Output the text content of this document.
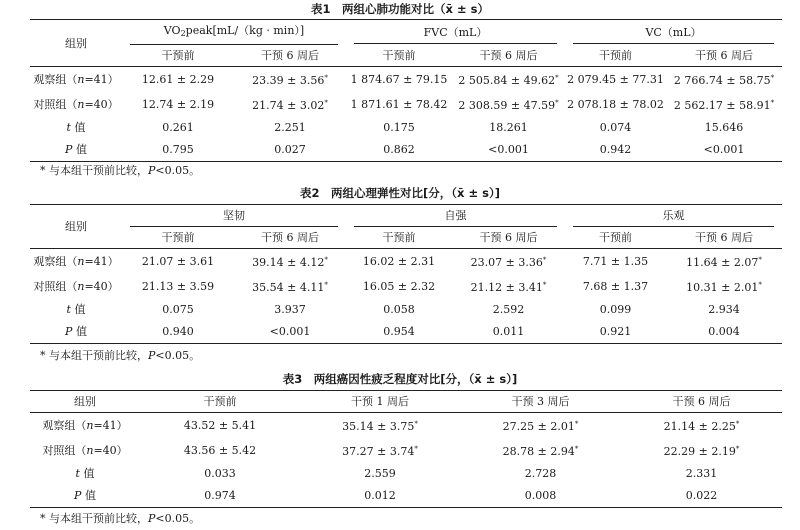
表1　两组心肺功能对比（x̄ ± s）
组别	$VO_2peak[mL/(kg \cdot \min)]$		FVC（mL）		VC（mL）	

	干预前	干预 6 周后	干预前	干预 6 周后	干预前	干预 6 周后
观察组（n=41）	12.61 ± 2.29	23.39 ± 3.56*	1 874.67 ± 79.15	2 505.84 ± 49.62*	2 079.45 ± 77.31	2 766.74 ± 58.75*
对照组（n=40）	12.74 ± 2.19	21.74 ± 3.02*	1 871.61 ± 78.42	2 308.59 ± 47.59*	2 078.18 ± 78.02	2 562.17 ± 58.91*
t 值	0.261	2.251	0.175	18.261	0.074	15.646
P 值	0.795	0.027	0.862	<0.001	0.942	<0.001
* 与本组干预前比较，P<0.05。
表2　两组心理弹性对比[分，（x̄ ± s）]
组别	坚韧		自强		乐观	

	干预前	干预 6 周后	干预前	干预 6 周后	干预前	干预 6 周后
观察组（n=41）	21.07 ± 3.61	39.14 ± 4.12*	16.02 ± 2.31	23.07 ± 3.36*	7.71 ± 1.35	11.64 ± 2.07*
对照组（n=40）	21.13 ± 3.59	35.54 ± 4.11*	16.05 ± 2.32	21.12 ± 3.41*	7.68 ± 1.37	10.31 ± 2.01*
t 值	0.075	3.937	0.058	2.592	0.099	2.934
P 值	0.940	<0.001	0.954	0.011	0.921	0.004
* 与本组干预前比较，P<0.05。
表3　两组癌因性疲乏程度对比[分，（x̄ ± s）]
组别	干预前	干预 1 周后	干预 3 周后	干预 6 周后
观察组（n=41）	43.52 ± 5.41	35.14 ± 3.75*	27.25 ± 2.01*	21.14 ± 2.25*
对照组（n=40）	43.56 ± 5.42	37.27 ± 3.74*	28.78 ± 2.94*	22.29 ± 2.19*
t 值	0.033	2.559	2.728	2.331
P 值	0.974	0.012	0.008	0.022
* 与本组干预前比较，P<0.05。
